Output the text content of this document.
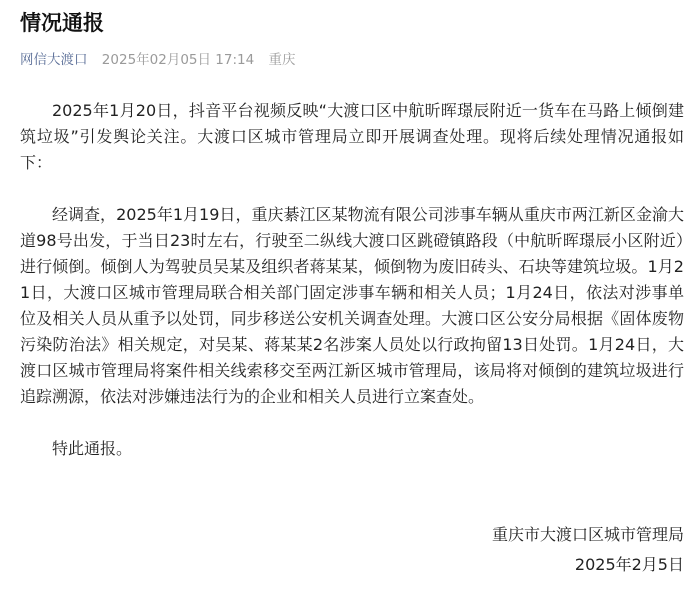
情况通报
网信大渡口 2025年02月05日 17:14 重庆

2025年1月20日，抖音平台视频反映“大渡口区中航昕晖璟辰附近一货车在马路上倾倒建筑垃圾”引发舆论关注。大渡口区城市管理局立即开展调查处理。现将后续处理情况通报如下：

经调查，2025年1月19日，重庆綦江区某物流有限公司涉事车辆从重庆市两江新区金渝大道98号出发，于当日23时左右，行驶至二纵线大渡口区跳磴镇路段（中航昕晖璟辰小区附近）进行倾倒。倾倒人为驾驶员吴某及组织者蒋某某，倾倒物为废旧砖头、石块等建筑垃圾。1月21日，大渡口区城市管理局联合相关部门固定涉事车辆和相关人员；1月24日，依法对涉事单位及相关人员从重予以处罚，同步移送公安机关调查处理。大渡口区公安分局根据《固体废物污染防治法》相关规定，对吴某、蒋某某2名涉案人员处以行政拘留13日处罚。1月24日，大渡口区城市管理局将案件相关线索移交至两江新区城市管理局，该局将对倾倒的建筑垃圾进行追踪溯源，依法对涉嫌违法行为的企业和相关人员进行立案查处。

特此通报。

重庆市大渡口区城市管理局
2025年2月5日
